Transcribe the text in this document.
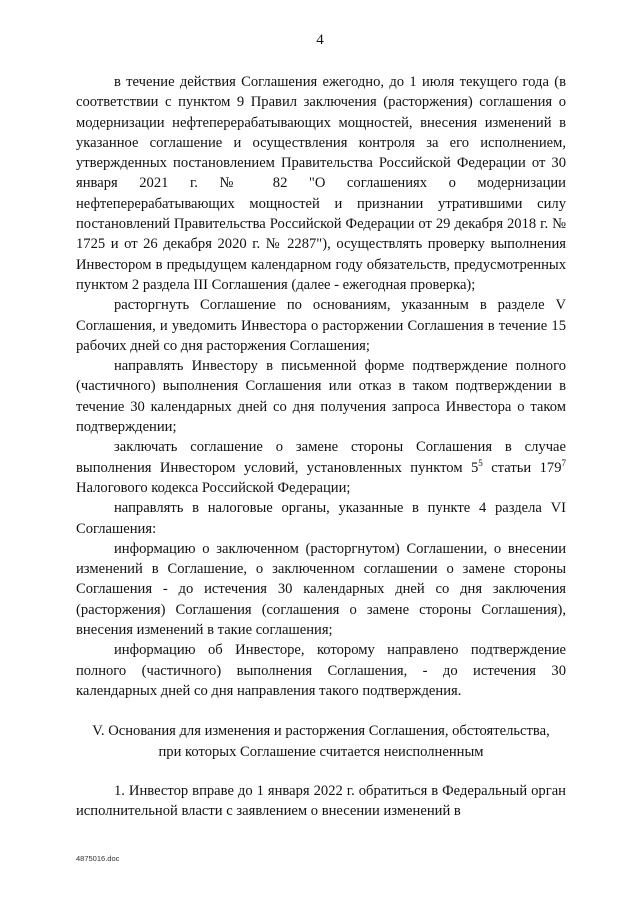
4

в течение действия Соглашения ежегодно, до 1 июля текущего года (в соответствии с пунктом 9 Правил заключения (расторжения) соглашения о модернизации нефтеперерабатывающих мощностей, внесения изменений в указанное соглашение и осуществления контроля за его исполнением, утвержденных постановлением Правительства Российской Федерации от 30 января 2021 г. № 82 "О соглашениях о модернизации нефтеперерабатывающих мощностей и признании утратившими силу постановлений Правительства Российской Федерации от 29 декабря 2018 г. № 1725 и от 26 декабря 2020 г. № 2287"), осуществлять проверку выполнения Инвестором в предыдущем календарном году обязательств, предусмотренных пунктом 2 раздела III Соглашения (далее - ежегодная проверка);

расторгнуть Соглашение по основаниям, указанным в разделе V Соглашения, и уведомить Инвестора о расторжении Соглашения в течение 15 рабочих дней со дня расторжения Соглашения;

направлять Инвестору в письменной форме подтверждение полного (частичного) выполнения Соглашения или отказ в таком подтверждении в течение 30 календарных дней со дня получения запроса Инвестора о таком подтверждении;

заключать соглашение о замене стороны Соглашения в случае выполнения Инвестором условий, установленных пунктом $5^5$ статьи $179^7$ Налогового кодекса Российской Федерации;

направлять в налоговые органы, указанные в пункте 4 раздела VI Соглашения:

информацию о заключенном (расторгнутом) Соглашении, о внесении изменений в Соглашение, о заключенном соглашении о замене стороны Соглашения - до истечения 30 календарных дней со дня заключения (расторжения) Соглашения (соглашения о замене стороны Соглашения), внесения изменений в такие соглашения;

информацию об Инвесторе, которому направлено подтверждение полного (частичного) выполнения Соглашения, - до истечения 30 календарных дней со дня направления такого подтверждения.

V. Основания для изменения и расторжения Соглашения, обстоятельства,
при которых Соглашение считается неисполненным

1. Инвестор вправе до 1 января 2022 г. обратиться в Федеральный орган исполнительной власти с заявлением о внесении изменений в

4875016.doc
